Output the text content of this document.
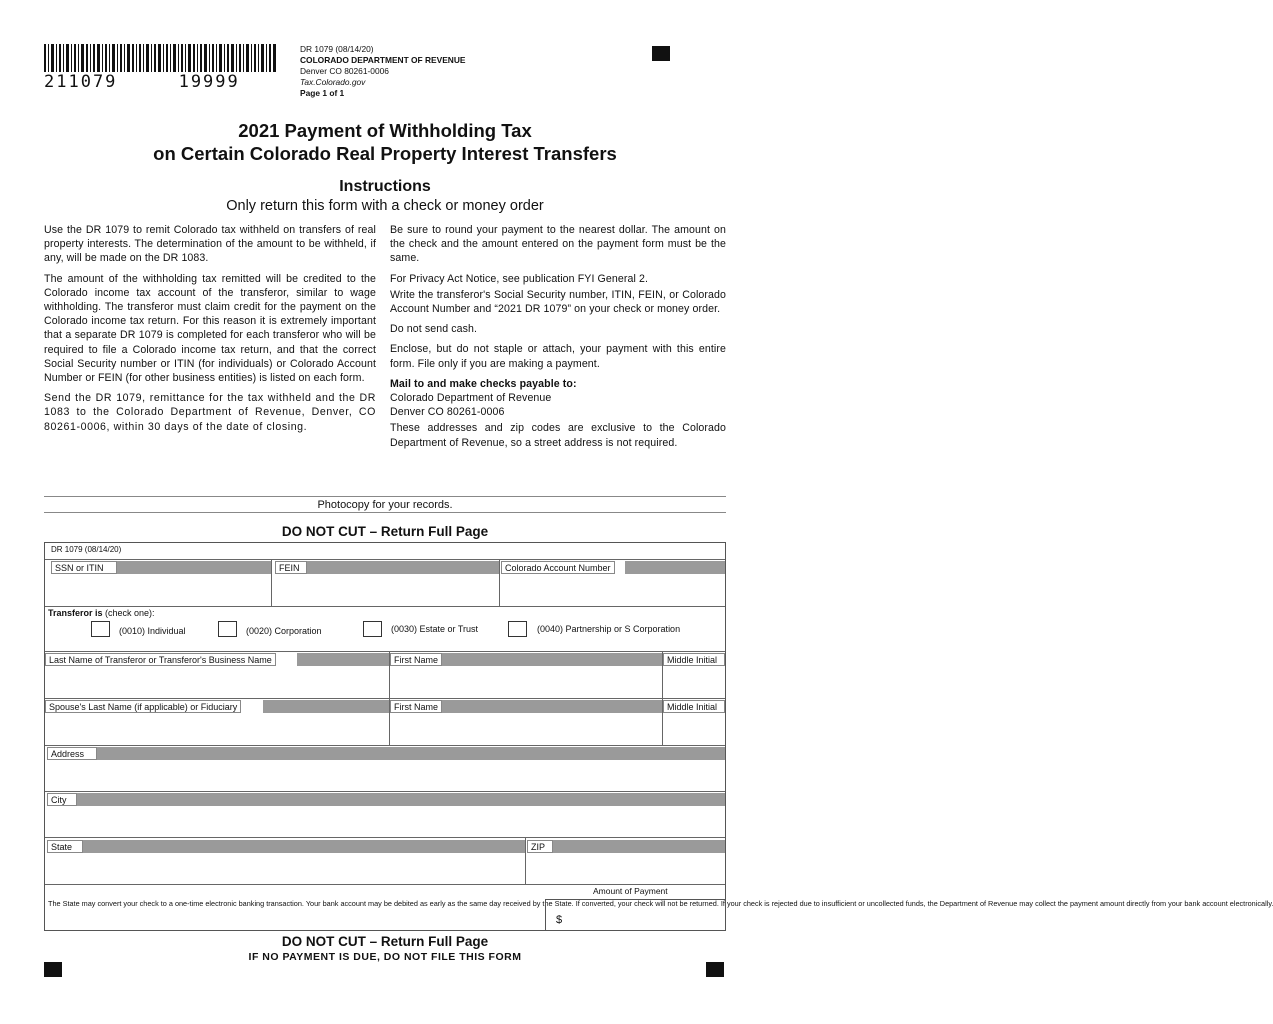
211079     19999
DR 1079 (08/14/20)
COLORADO DEPARTMENT OF REVENUE
Denver CO 80261-0006
Tax.Colorado.gov
Page 1 of 1
2021 Payment of Withholding Tax
on Certain Colorado Real Property Interest Transfers
Instructions
Only return this form with a check or money order

Use the DR 1079 to remit Colorado tax withheld on transfers of real property interests. The determination of the amount to be withheld, if any, will be made on the DR 1083.

The amount of the withholding tax remitted will be credited to the Colorado income tax account of the transferor, similar to wage withholding. The transferor must claim credit for the payment on the Colorado income tax return. For this reason it is extremely important that a separate DR 1079 is completed for each transferor who will be required to file a Colorado income tax return, and that the correct Social Security number or ITIN (for individuals) or Colorado Account Number or FEIN (for other business entities) is listed on each form.

Send the DR 1079, remittance for the tax withheld and the DR 1083 to the Colorado Department of Revenue, Denver, CO 80261-0006, within 30 days of the date of closing.

Be sure to round your payment to the nearest dollar. The amount on the check and the amount entered on the payment form must be the same.

For Privacy Act Notice, see publication FYI General 2.

Write the transferor's Social Security number, ITIN, FEIN, or Colorado Account Number and “2021 DR 1079” on your check or money order.

Do not send cash.

Enclose, but do not staple or attach, your payment with this entire form. File only if you are making a payment.

Mail to and make checks payable to:

Colorado Department of Revenue

Denver CO 80261-0006

These addresses and zip codes are exclusive to the Colorado Department of Revenue, so a street address is not required.

Photocopy for your records.
DO NOT CUT – Return Full Page
DR 1079 (08/14/20)
SSN or ITIN	FEIN	Colorado Account Number
Transferor is (check one):
(0010) Individual	(0020) Corporation	(0030) Estate or Trust	(0040) Partnership or S Corporation
Last Name of Transferor or Transferor's Business Name	First Name	Middle Initial
Spouse's Last Name (if applicable) or Fiduciary	First Name	Middle Initial
Address
City
State	ZIP
Amount of Payment
The State may convert your check to a one-time electronic banking transaction. Your bank account may be debited as early as the same day received by the State. If converted, your check will not be returned. If your check is rejected due to insufficient or uncollected funds, the Department of Revenue may collect the payment amount directly from your bank account electronically.
$
DO NOT CUT – Return Full Page
IF NO PAYMENT IS DUE, DO NOT FILE THIS FORM
